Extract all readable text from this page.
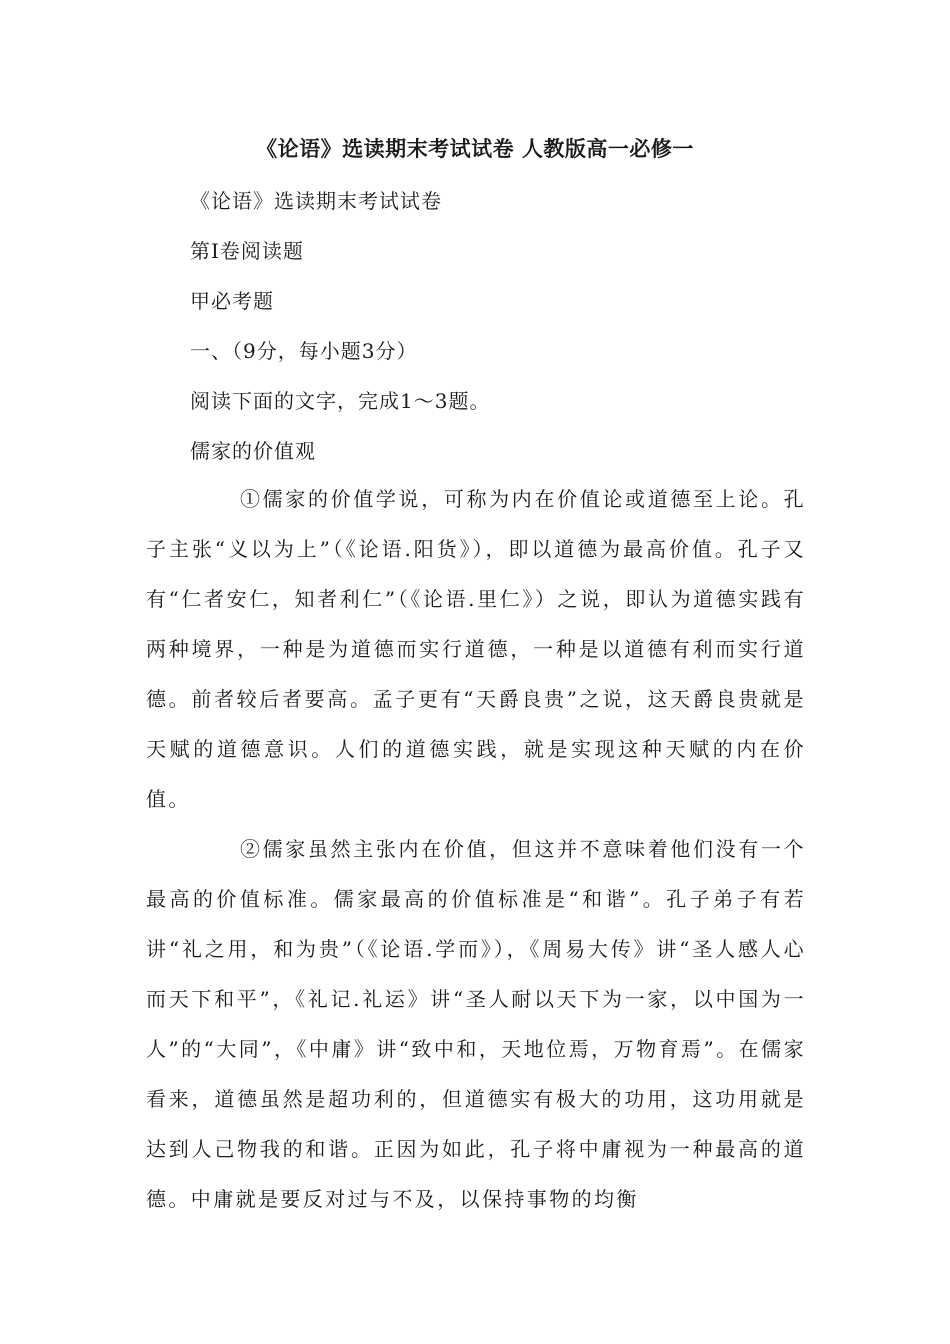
《论语》选读期末考试试卷 人教版高一必修一
《论语》选读期末考试试卷
第Ⅰ卷阅读题
甲必考题
一、（9分，每小题3分）
阅读下面的文字，完成1～3题。
儒家的价值观
①儒家的价值学说，可称为内在价值论或道德至上论。孔子主张“义以为上”（《论语.阳货》），即以道德为最高价值。孔子又有“仁者安仁，知者利仁”（《论语.里仁》）之说，即认为道德实践有两种境界，一种是为道德而实行道德，一种是以道德有利而实行道德。前者较后者要高。孟子更有“天爵良贵”之说，这天爵良贵就是天赋的道德意识。人们的道德实践，就是实现这种天赋的内在价值。
②儒家虽然主张内在价值，但这并不意味着他们没有一个最高的价值标准。儒家最高的价值标准是“和谐”。孔子弟子有若讲“礼之用，和为贵”（《论语.学而》），《周易大传》讲“圣人感人心而天下和平”，《礼记.礼运》讲“圣人耐以天下为一家，以中国为一人”的“大同”，《中庸》讲“致中和，天地位焉，万物育焉”。在儒家看来，道德虽然是超功利的，但道德实有极大的功用，这功用就是达到人己物我的和谐。正因为如此，孔子将中庸视为一种最高的道德。中庸就是要反对过与不及，以保持事物的均衡
